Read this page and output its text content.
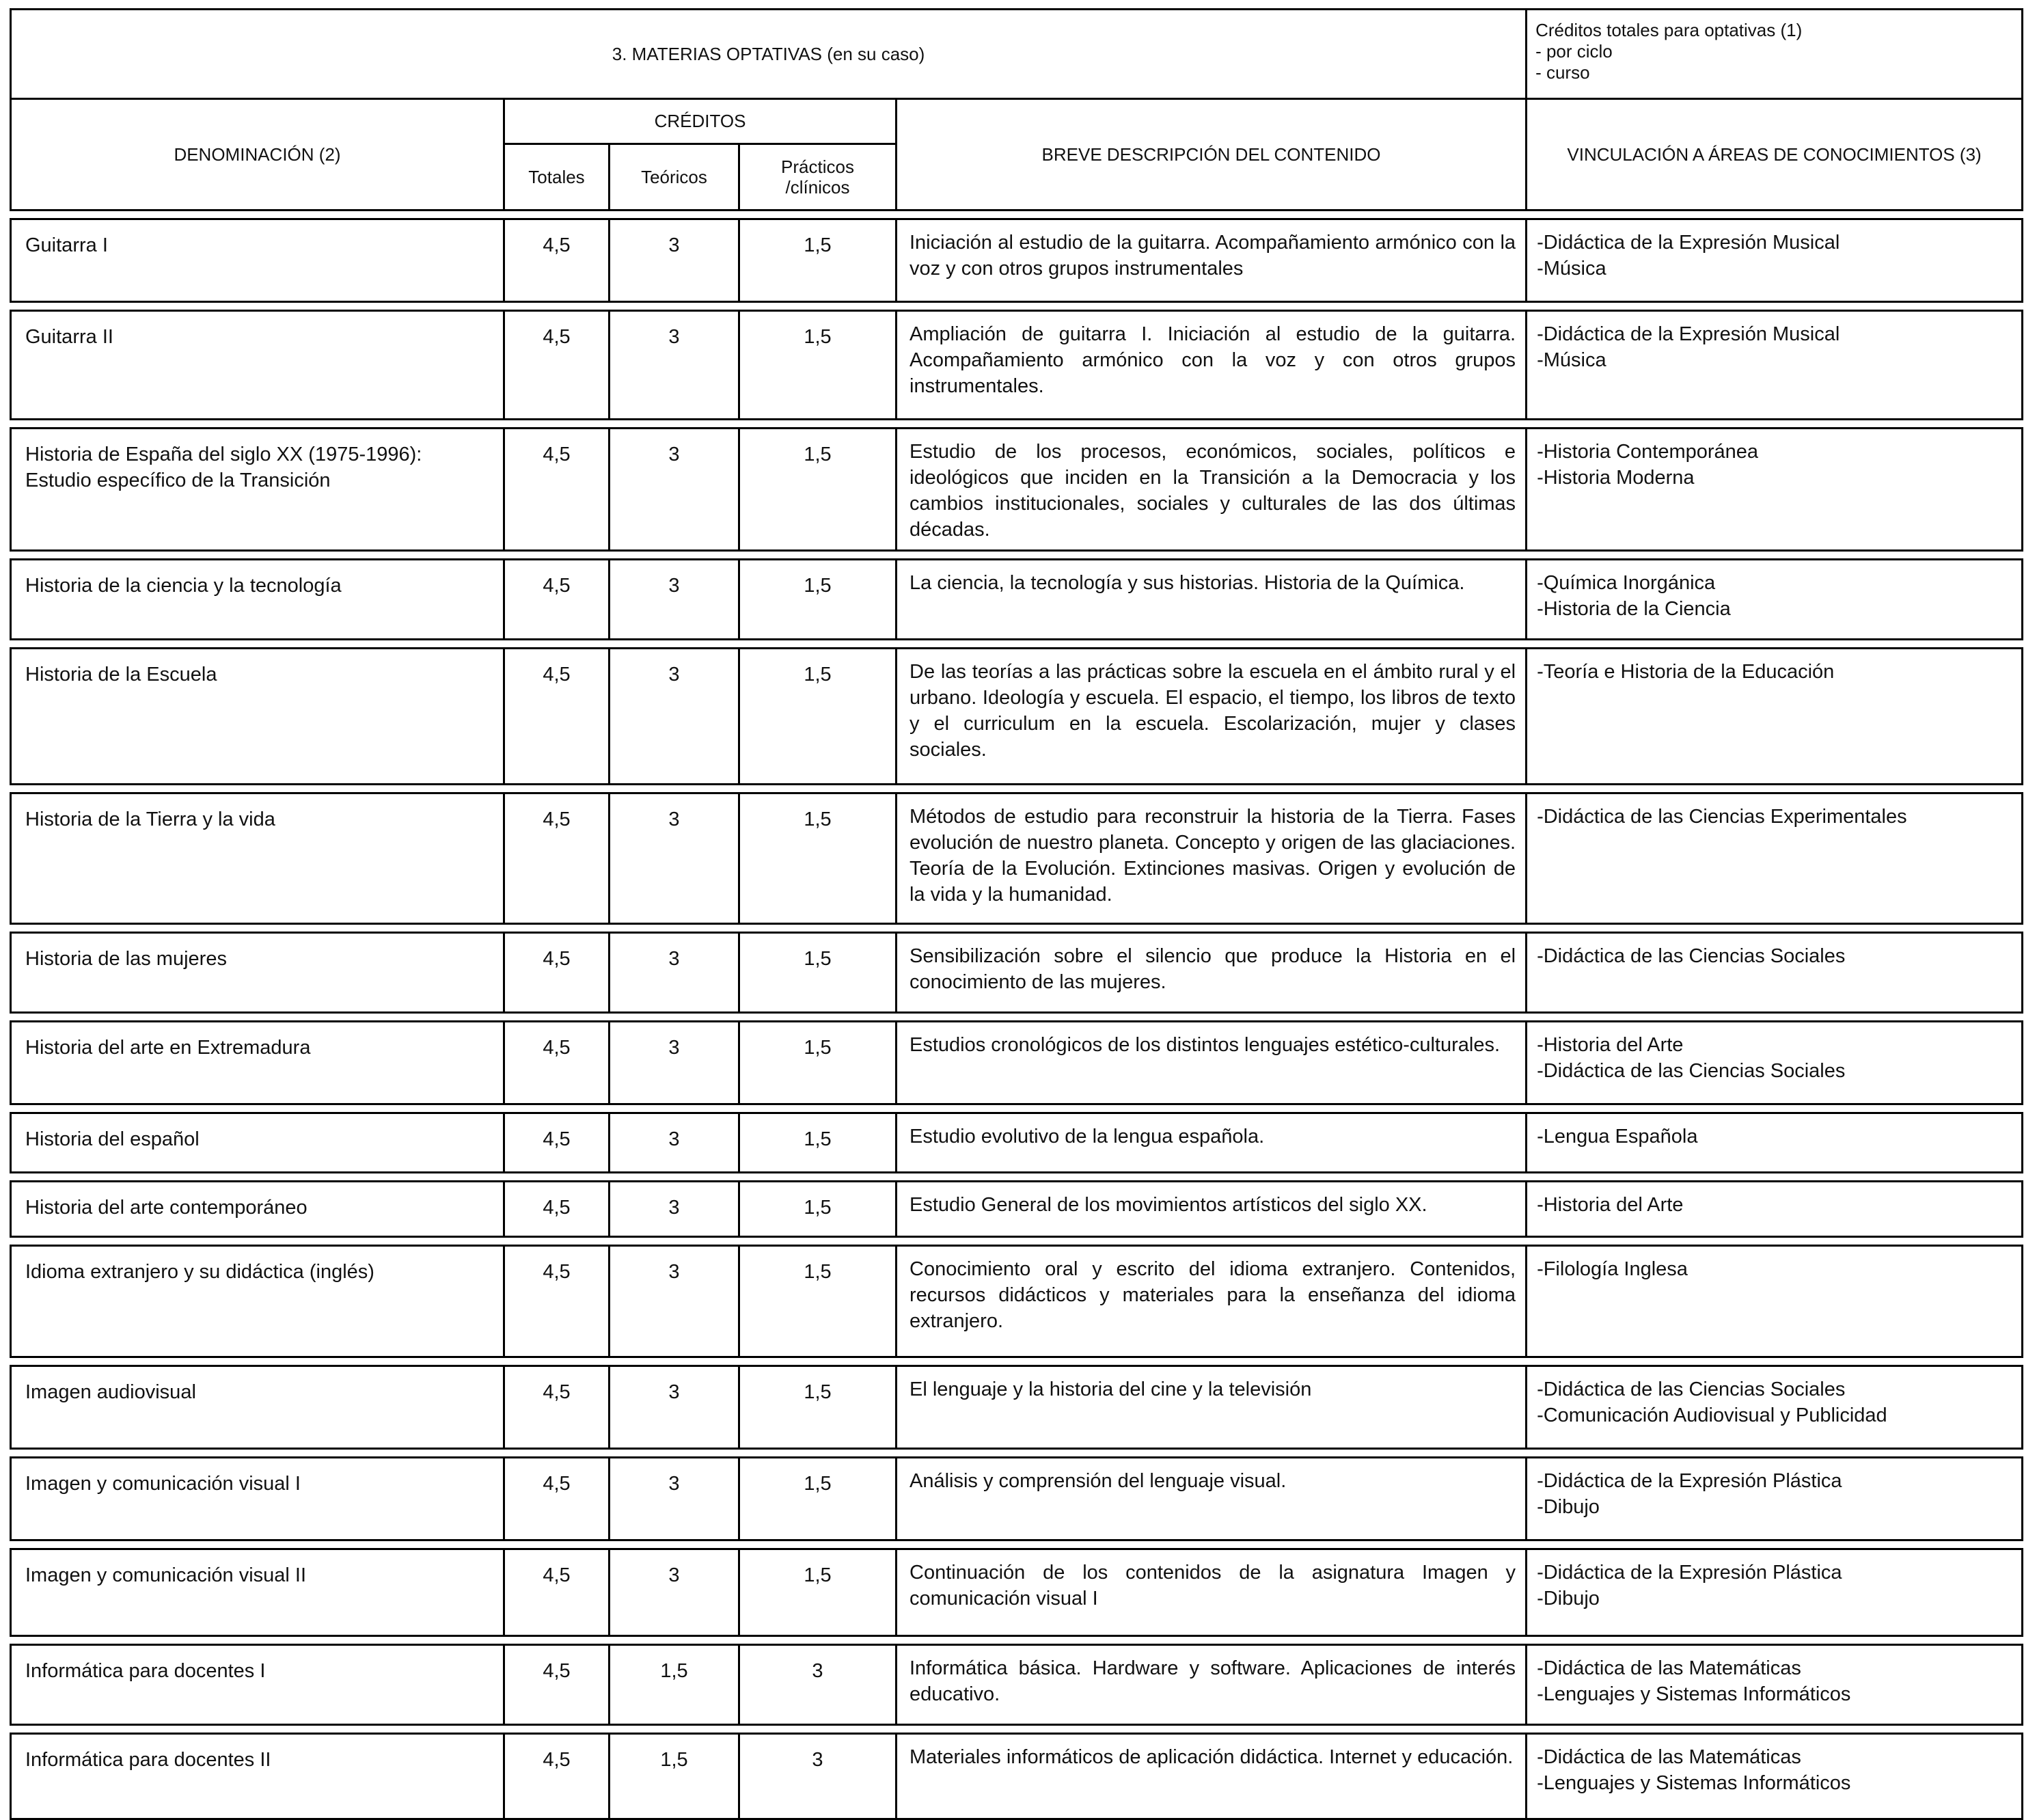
3. MATERIAS OPTATIVAS (en su caso)					Créditos totales para optativas (1)
- por ciclo
- curso

DENOMINACIÓN (2)	CRÉDITOS			BREVE DESCRIPCIÓN DEL CONTENIDO	VINCULACIÓN A ÁREAS DE CONOCIMIENTOS (3)
	Totales	Teóricos	Prácticos
/clínicos		

Guitarra I	4,5	3	1,5	Iniciación al estudio de la guitarra. Acompañamiento armónico con la voz y con otros grupos instrumentales	-Didáctica de la Expresión Musical
-Música

Guitarra II	4,5	3	1,5	Ampliación de guitarra I. Iniciación al estudio de la guitarra. Acompañamiento armónico con la voz y con otros grupos instrumentales.	-Didáctica de la Expresión Musical
-Música

Historia de España del siglo XX (1975-1996): Estudio específico de la Transición	4,5	3	1,5	Estudio de los procesos, económicos, sociales, políticos e ideológicos que inciden en la Transición a la Democracia y los cambios institucionales, sociales y culturales de las dos últimas décadas.	-Historia Contemporánea
-Historia Moderna

Historia de la ciencia y la tecnología	4,5	3	1,5	La ciencia, la tecnología y sus historias. Historia de la Química.	-Química Inorgánica
-Historia de la Ciencia

Historia de la Escuela	4,5	3	1,5	De las teorías a las prácticas sobre la escuela en el ámbito rural y el urbano. Ideología y escuela. El espacio, el tiempo, los libros de texto y el curriculum en la escuela. Escolarización, mujer y clases sociales.	-Teoría e Historia de la Educación

Historia de la Tierra y la vida	4,5	3	1,5	Métodos de estudio para reconstruir la historia de la Tierra. Fases evolución de nuestro planeta. Concepto y origen de las glaciaciones. Teoría de la Evolución. Extinciones masivas. Origen y evolución de la vida y la humanidad.	-Didáctica de las Ciencias Experimentales

Historia de las mujeres	4,5	3	1,5	Sensibilización sobre el silencio que produce la Historia en el conocimiento de las mujeres.	-Didáctica de las Ciencias Sociales

Historia del arte en Extremadura	4,5	3	1,5	Estudios cronológicos de los distintos lenguajes estético-culturales.	-Historia del Arte
-Didáctica de las Ciencias Sociales

Historia del español	4,5	3	1,5	Estudio evolutivo de la lengua española.	-Lengua Española

Historia del arte contemporáneo	4,5	3	1,5	Estudio General de los movimientos artísticos del siglo XX.	-Historia del Arte

Idioma extranjero y su didáctica (inglés)	4,5	3	1,5	Conocimiento oral y escrito del idioma extranjero. Contenidos, recursos didácticos y materiales para la enseñanza del idioma extranjero.	-Filología Inglesa

Imagen audiovisual	4,5	3	1,5	El lenguaje y la historia del cine y la televisión	-Didáctica de las Ciencias Sociales
-Comunicación Audiovisual y Publicidad

Imagen y comunicación visual I	4,5	3	1,5	Análisis y comprensión del lenguaje visual.	-Didáctica de la Expresión Plástica
-Dibujo

Imagen y comunicación visual II	4,5	3	1,5	Continuación de los contenidos de la asignatura Imagen y comunicación visual I	-Didáctica de la Expresión Plástica
-Dibujo

Informática para docentes I	4,5	1,5	3	Informática básica. Hardware y software. Aplicaciones de interés educativo.	-Didáctica de las Matemáticas
-Lenguajes y Sistemas Informáticos

Informática para docentes II	4,5	1,5	3	Materiales informáticos de aplicación didáctica. Internet y educación.	-Didáctica de las Matemáticas
-Lenguajes y Sistemas Informáticos
